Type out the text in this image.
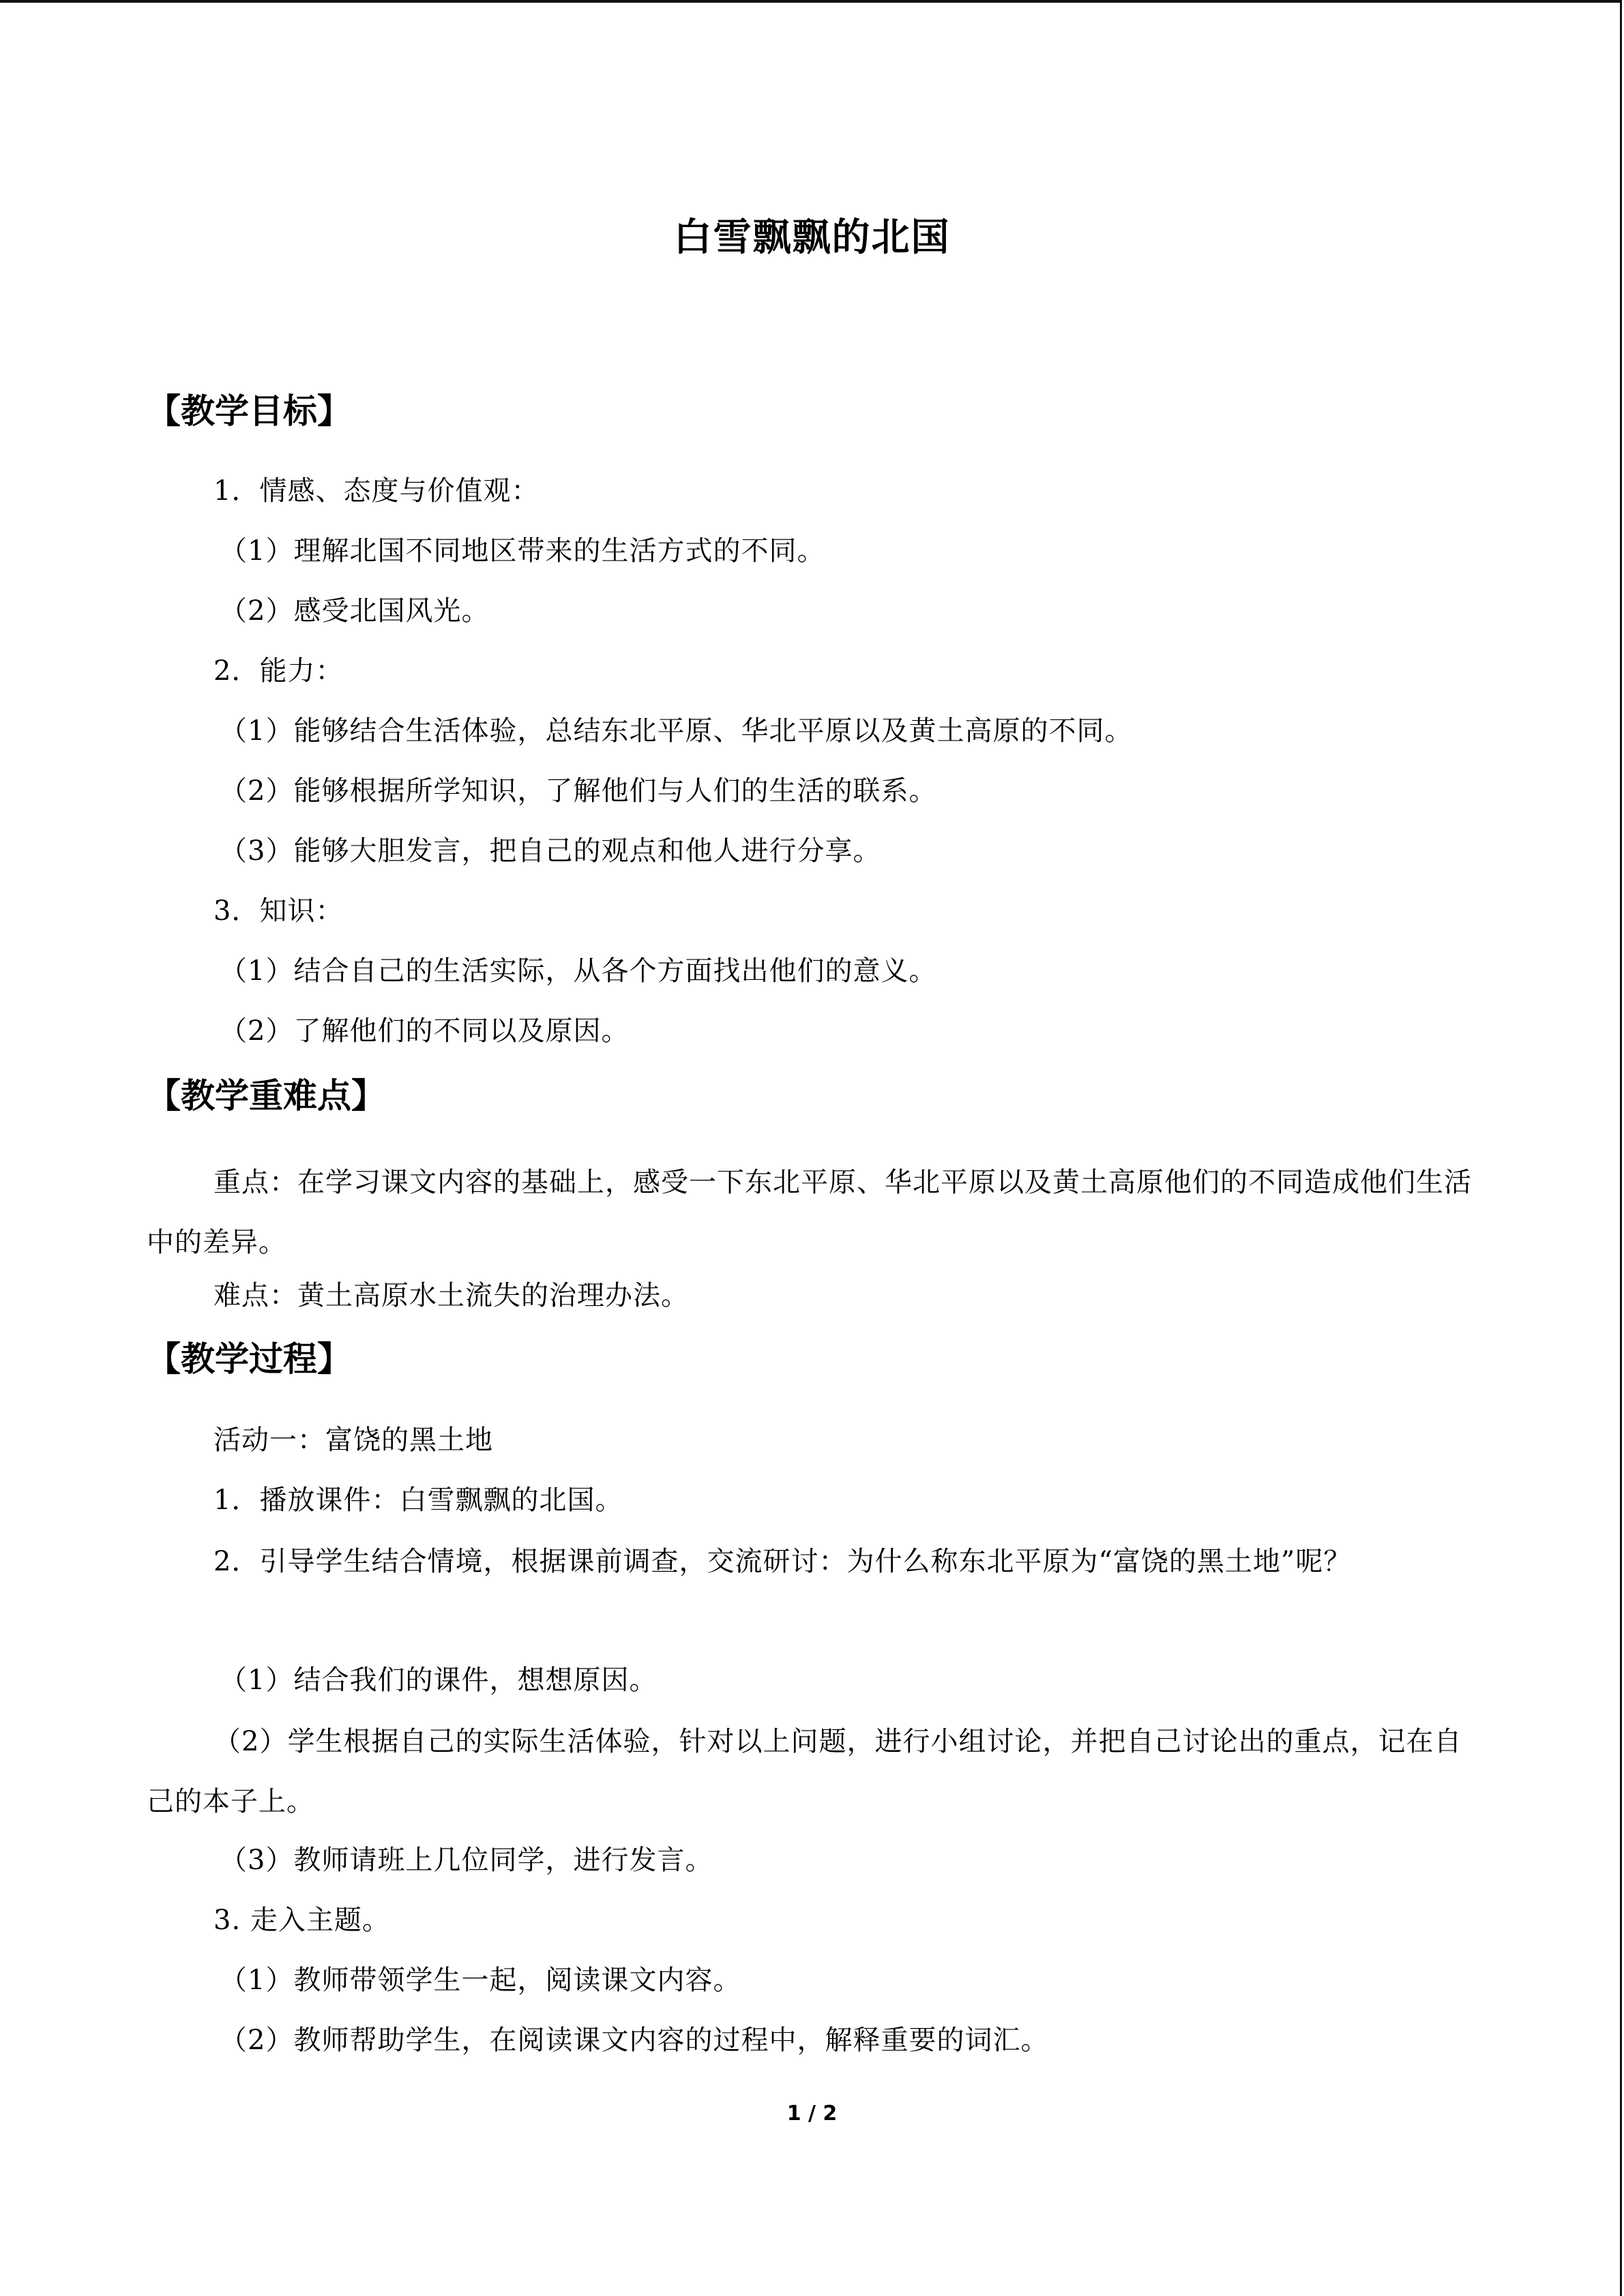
白雪飘飘的北国
【教学目标】
1．情感、态度与价值观：
（1）理解北国不同地区带来的生活方式的不同。
（2）感受北国风光。
2．能力：
（1）能够结合生活体验，总结东北平原、华北平原以及黄土高原的不同。
（2）能够根据所学知识，了解他们与人们的生活的联系。
（3）能够大胆发言，把自己的观点和他人进行分享。
3．知识：
（1）结合自己的生活实际，从各个方面找出他们的意义。
（2）了解他们的不同以及原因。
【教学重难点】
重点：在学习课文内容的基础上，感受一下东北平原、华北平原以及黄土高原他们的不同造成他们生活中的差异。
难点：黄土高原水土流失的治理办法。
【教学过程】
活动一：富饶的黑土地
1．播放课件：白雪飘飘的北国。
2．引导学生结合情境，根据课前调查，交流研讨：为什么称东北平原为“富饶的黑土地”呢？
（1）结合我们的课件，想想原因。
（2）学生根据自己的实际生活体验，针对以上问题，进行小组讨论，并把自己讨论出的重点，记在自己的本子上。
（3）教师请班上几位同学，进行发言。
3. 走入主题。
（1）教师带领学生一起，阅读课文内容。
（2）教师帮助学生，在阅读课文内容的过程中，解释重要的词汇。
1 / 2
